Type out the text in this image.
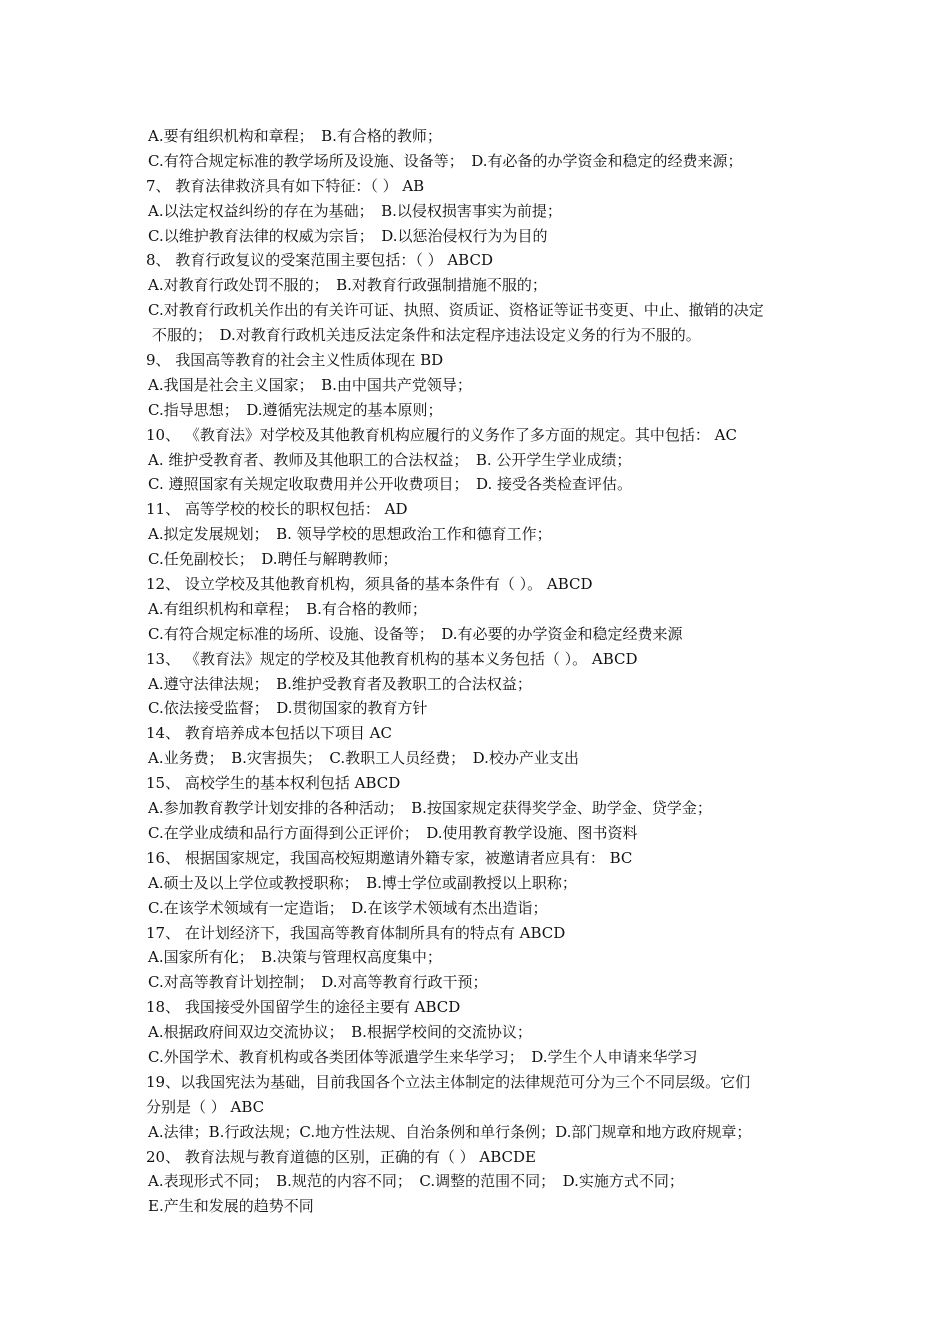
A.要有组织机构和章程；　B.有合格的教师；
C.有符合规定标准的教学场所及设施、设备等；　D.有必备的办学资金和稳定的经费来源；
7、 教育法律救济具有如下特征：（ ） AB
A.以法定权益纠纷的存在为基础；　B.以侵权损害事实为前提；
C.以维护教育法律的权威为宗旨；　D.以惩治侵权行为为目的
8、 教育行政复议的受案范围主要包括：（ ） ABCD
A.对教育行政处罚不服的；　B.对教育行政强制措施不服的；
C.对教育行政机关作出的有关许可证、执照、资质证、资格证等证书变更、中止、撤销的决定
不服的；　D.对教育行政机关违反法定条件和法定程序违法设定义务的行为不服的。
9、 我国高等教育的社会主义性质体现在 BD
A.我国是社会主义国家；　B.由中国共产党领导；
C.指导思想；　D.遵循宪法规定的基本原则；
10、 《教育法》对学校及其他教育机构应履行的义务作了多方面的规定。其中包括： AC
A. 维护受教育者、教师及其他职工的合法权益；　B. 公开学生学业成绩；
C. 遵照国家有关规定收取费用并公开收费项目；　D. 接受各类检查评估。
11、 高等学校的校长的职权包括： AD
A.拟定发展规划；　B. 领导学校的思想政治工作和德育工作；
C.任免副校长；　D.聘任与解聘教师；
12、 设立学校及其他教育机构，须具备的基本条件有（ ）。 ABCD
A.有组织机构和章程；　B.有合格的教师；
C.有符合规定标准的场所、设施、设备等；　D.有必要的办学资金和稳定经费来源
13、 《教育法》规定的学校及其他教育机构的基本义务包括（ ）。 ABCD
A.遵守法律法规；　B.维护受教育者及教职工的合法权益；
C.依法接受监督；　D.贯彻国家的教育方针
14、 教育培养成本包括以下项目 AC
A.业务费；　B.灾害损失；　C.教职工人员经费；　D.校办产业支出
15、 高校学生的基本权利包括 ABCD
A.参加教育教学计划安排的各种活动；　B.按国家规定获得奖学金、助学金、贷学金；
C.在学业成绩和品行方面得到公正评价；　D.使用教育教学设施、图书资料
16、 根据国家规定，我国高校短期邀请外籍专家，被邀请者应具有： BC
A.硕士及以上学位或教授职称；　B.博士学位或副教授以上职称；
C.在该学术领域有一定造诣；　D.在该学术领域有杰出造诣；
17、 在计划经济下，我国高等教育体制所具有的特点有 ABCD
A.国家所有化；　B.决策与管理权高度集中；
C.对高等教育计划控制；　D.对高等教育行政干预；
18、 我国接受外国留学生的途径主要有 ABCD
A.根据政府间双边交流协议；　B.根据学校间的交流协议；
C.外国学术、教育机构或各类团体等派遣学生来华学习；　D.学生个人申请来华学习
19、以我国宪法为基础，目前我国各个立法主体制定的法律规范可分为三个不同层级。它们
分别是（ ） ABC
A.法律；B.行政法规；C.地方性法规、自治条例和单行条例；D.部门规章和地方政府规章；
20、 教育法规与教育道德的区别，正确的有（ ） ABCDE
A.表现形式不同；　B.规范的内容不同；　C.调整的范围不同；　D.实施方式不同；
E.产生和发展的趋势不同
